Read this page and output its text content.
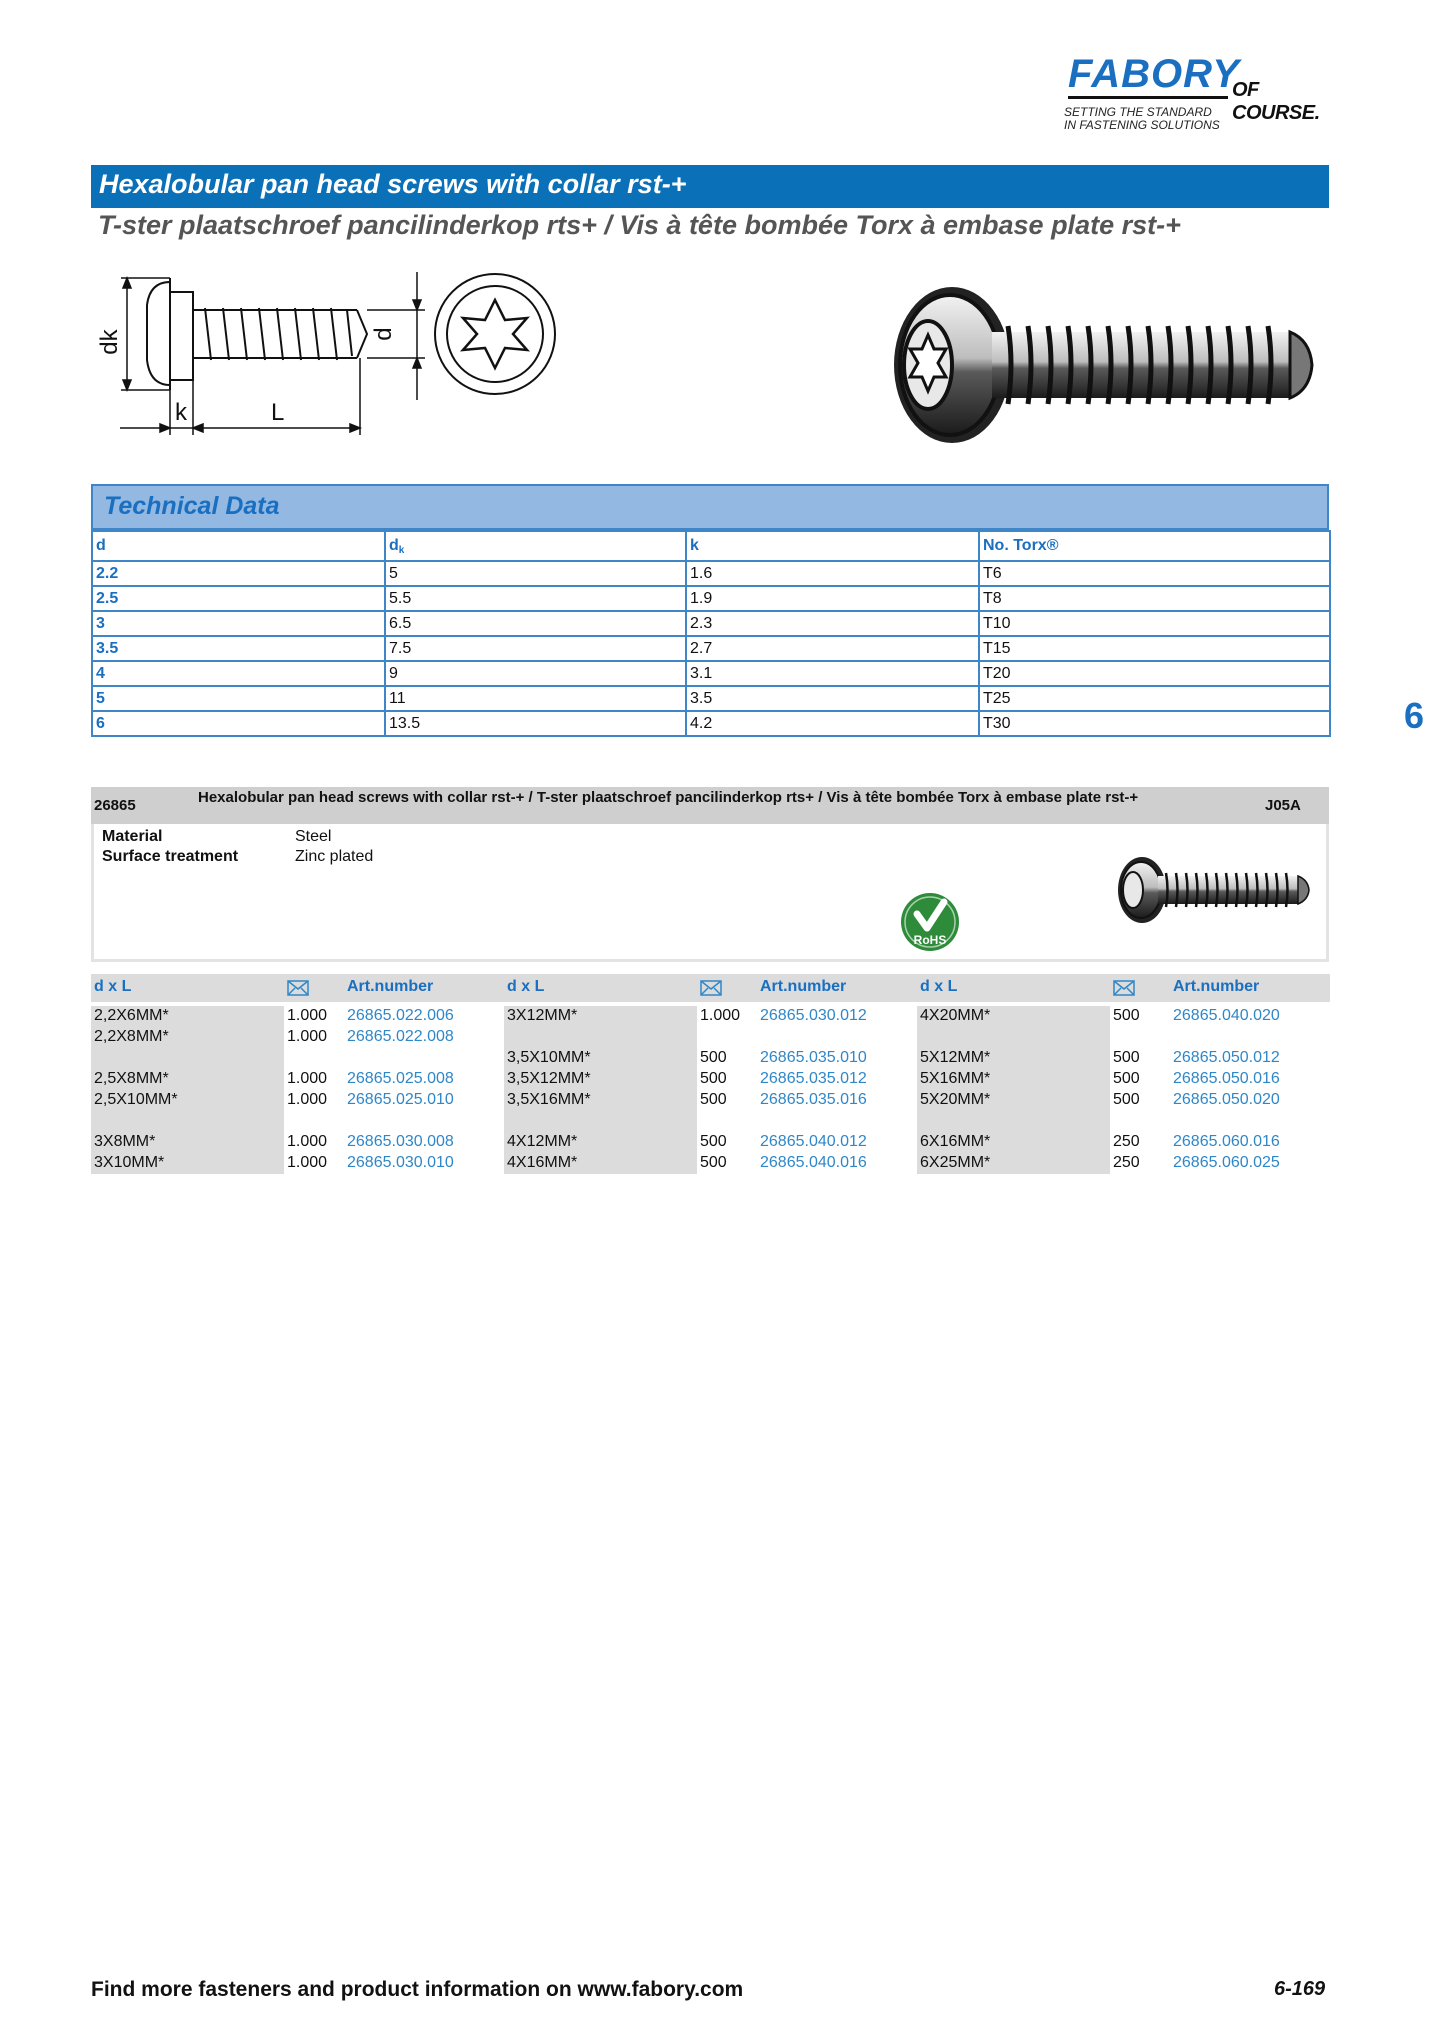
FABORY
OF COURSE.
SETTING THE STANDARD
IN FASTENING SOLUTIONS
Hexalobular pan head screws with collar rst-+
T-ster plaatschroef pancilinderkop rts+ / Vis à tête bombée Torx à embase plate rst-+
dk	d
k	L
Technical Data
d	$d_k$	k	No. Torx®
2.2	5	1.6	T6
2.5	5.5	1.9	T8
3	6.5	2.3	T10
3.5	7.5	2.7	T15
4	9	3.1	T20
5	11	3.5	T25
6	13.5	4.2	T30	6
26865	Hexalobular pan head screws with collar rst-+ / T-ster plaatschroef pancilinderkop rts+ / Vis à tête bombée Torx à embase plate rst-+	J05A
Material	Steel
Surface treatment	Zinc plated
RoHS
d x L	Art.number
2,2X6MM*	1.000 26865.022.006
2,2X8MM*	1.000 26865.022.008
2,5X8MM*	1.000 26865.025.008
2,5X10MM*	1.000 26865.025.010
3X8MM*	1.000 26865.030.008
3X10MM*	1.000 26865.030.010
d x L	Art.number
3X12MM*	1.000 26865.030.012
3,5X10MM*	500 26865.035.010
3,5X12MM*	500 26865.035.012
3,5X16MM*	500 26865.035.016
4X12MM*	500 26865.040.012
4X16MM*	500 26865.040.016
d x L	Art.number
4X20MM*	500 26865.040.020
5X12MM*	500 26865.050.012
5X16MM*	500 26865.050.016
5X20MM*	500 26865.050.020
6X16MM*	250 26865.060.016
6X25MM*	250 26865.060.025
Find more fasteners and product information on www.fabory.com	6-169
